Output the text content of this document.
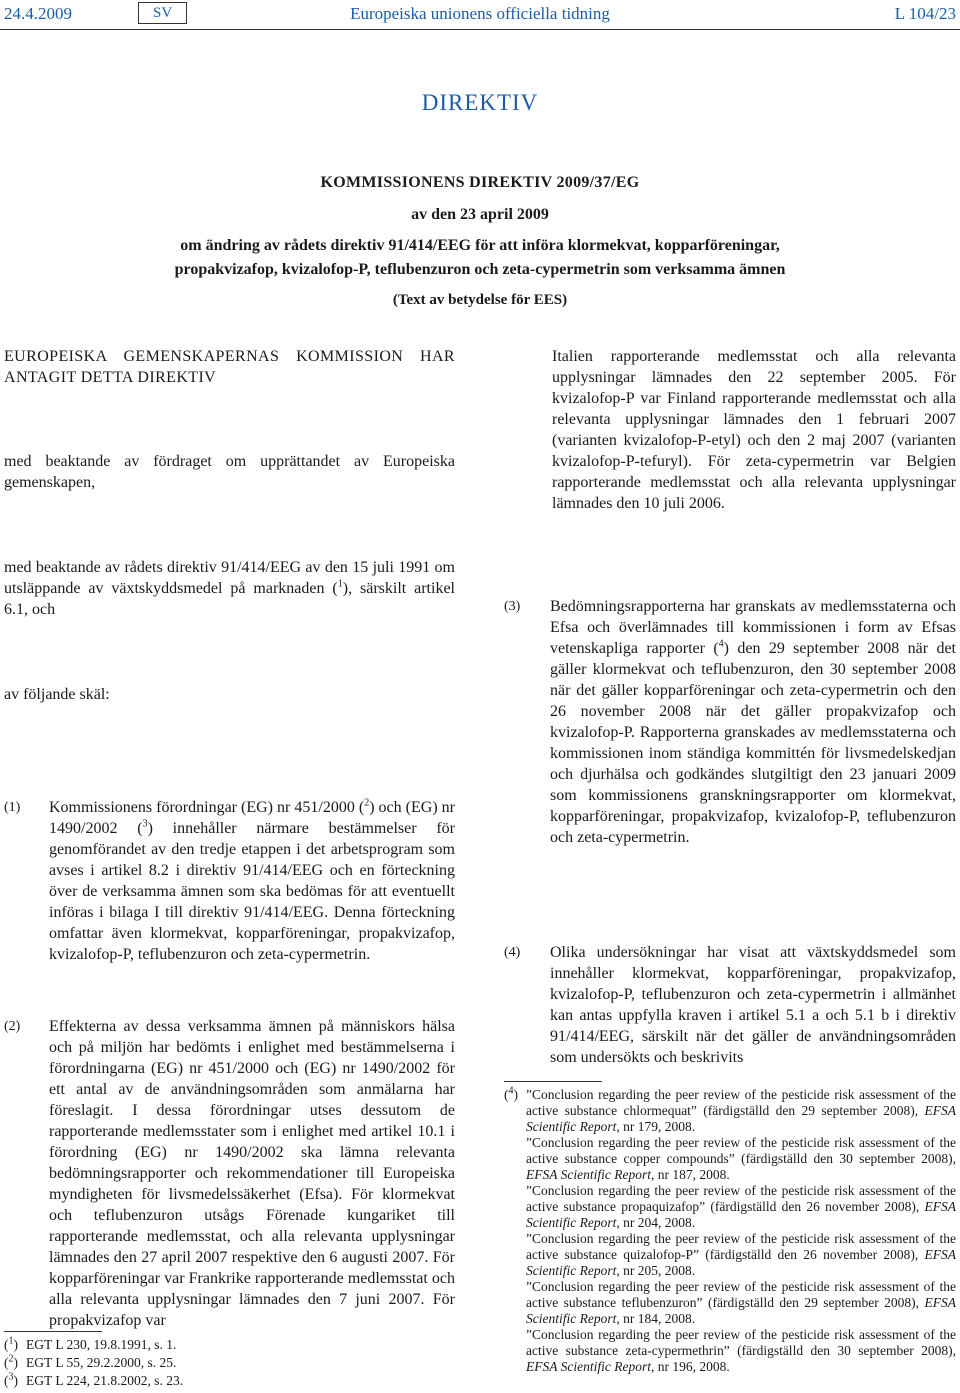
24.4.2009	SV	Europeiska unionens officiella tidning	L 104/23
DIREKTIV
KOMMISSIONENS DIREKTIV 2009/37/EG
av den 23 april 2009
om ändring av rådets direktiv 91/414/EEG för att införa klormekvat, kopparföreningar,
propakvizafop, kvizalofop-P, teflubenzuron och zeta-cypermetrin som verksamma ämnen
(Text av betydelse för EES)

EUROPEISKA GEMENSKAPERNAS KOMMISSION HAR ANTAGIT DETTA DIREKTIV

med beaktande av fördraget om upprättandet av Europeiska gemenskapen,

med beaktande av rådets direktiv 91/414/EEG av den 15 juli 1991 om utsläppande av växtskyddsmedel på marknaden ($^1$), särskilt artikel 6.1, och

av följande skäl:

(1) Kommissionens förordningar (EG) nr 451/2000 ($^2$) och (EG) nr 1490/2002 ($^3$) innehåller närmare bestämmelser för genomförandet av den tredje etappen i det arbetsprogram som avses i artikel 8.2 i direktiv 91/414/EEG och en förteckning över de verksamma ämnen som ska bedömas för att eventuellt införas i bilaga I till direktiv 91/414/EEG. Denna förteckning omfattar även klormekvat, kopparföreningar, propakvizafop, kvizalofop-P, teflubenzuron och zeta-cypermetrin.

(2) Effekterna av dessa verksamma ämnen på människors hälsa och på miljön har bedömts i enlighet med bestämmelserna i förordningarna (EG) nr 451/2000 och (EG) nr 1490/2002 för ett antal av de användningsområden som anmälarna har föreslagit. I dessa förordningar utses dessutom de rapporterande medlemsstater som i enlighet med artikel 10.1 i förordning (EG) nr 1490/2002 ska lämna relevanta bedömningsrapporter och rekommendationer till Europeiska myndigheten för livsmedelssäkerhet (Efsa). För klormekvat och teflubenzuron utsågs Förenade kungariket till rapporterande medlemsstat, och alla relevanta upplysningar lämnades den 27 april 2007 respektive den 6 augusti 2007. För kopparföreningar var Frankrike rapporterande medlemsstat och alla relevanta upplysningar lämnades den 7 juni 2007. För propakvizafop var

($^1$) EGT L 230, 19.8.1991, s. 1.
($^2$) EGT L 55, 29.2.2000, s. 25.
($^3$) EGT L 224, 21.8.2002, s. 23.

Italien rapporterande medlemsstat och alla relevanta upplysningar lämnades den 22 september 2005. För kvizalofop-P var Finland rapporterande medlemsstat och alla relevanta upplysningar lämnades den 1 februari 2007 (varianten kvizalofop-P-etyl) och den 2 maj 2007 (varianten kvizalofop-P-tefuryl). För zeta-cypermetrin var Belgien rapporterande medlemsstat och alla relevanta upplysningar lämnades den 10 juli 2006.

(3) Bedömningsrapporterna har granskats av medlemsstaterna och Efsa och överlämnades till kommissionen i form av Efsas vetenskapliga rapporter ($^4$) den 29 september 2008 när det gäller klormekvat och teflubenzuron, den 30 september 2008 när det gäller kopparföreningar och zeta-cypermetrin och den 26 november 2008 när det gäller propakvizafop och kvizalofop-P. Rapporterna granskades av medlemsstaterna och kommissionen inom ständiga kommittén för livsmedelskedjan och djurhälsa och godkändes slutgiltigt den 23 januari 2009 som kommissionens granskningsrapporter om klormekvat, kopparföreningar, propakvizafop, kvizalofop-P, teflubenzuron och zeta-cypermetrin.

(4) Olika undersökningar har visat att växtskyddsmedel som innehåller klormekvat, kopparföreningar, propakvizafop, kvizalofop-P, teflubenzuron och zeta-cypermetrin i allmänhet kan antas uppfylla kraven i artikel 5.1 a och 5.1 b i direktiv 91/414/EEG, särskilt när det gäller de användningsområden som undersökts och beskrivits

($^4$) ”Conclusion regarding the peer review of the pesticide risk assessment of the active substance chlormequat” (färdigställd den 29 september 2008), EFSA Scientific Report, nr 179, 2008.
”Conclusion regarding the peer review of the pesticide risk assessment of the active substance copper compounds” (färdigställd den 30 september 2008), EFSA Scientific Report, nr 187, 2008.
”Conclusion regarding the peer review of the pesticide risk assessment of the active substance propaquizafop” (färdigställd den 26 november 2008), EFSA Scientific Report, nr 204, 2008.
”Conclusion regarding the peer review of the pesticide risk assessment of the active substance quizalofop-P” (färdigställd den 26 november 2008), EFSA Scientific Report, nr 205, 2008.
”Conclusion regarding the peer review of the pesticide risk assessment of the active substance teflubenzuron” (färdigställd den 29 september 2008), EFSA Scientific Report, nr 184, 2008.
”Conclusion regarding the peer review of the pesticide risk assessment of the active substance zeta-cypermethrin” (färdigställd den 30 september 2008), EFSA Scientific Report, nr 196, 2008.
